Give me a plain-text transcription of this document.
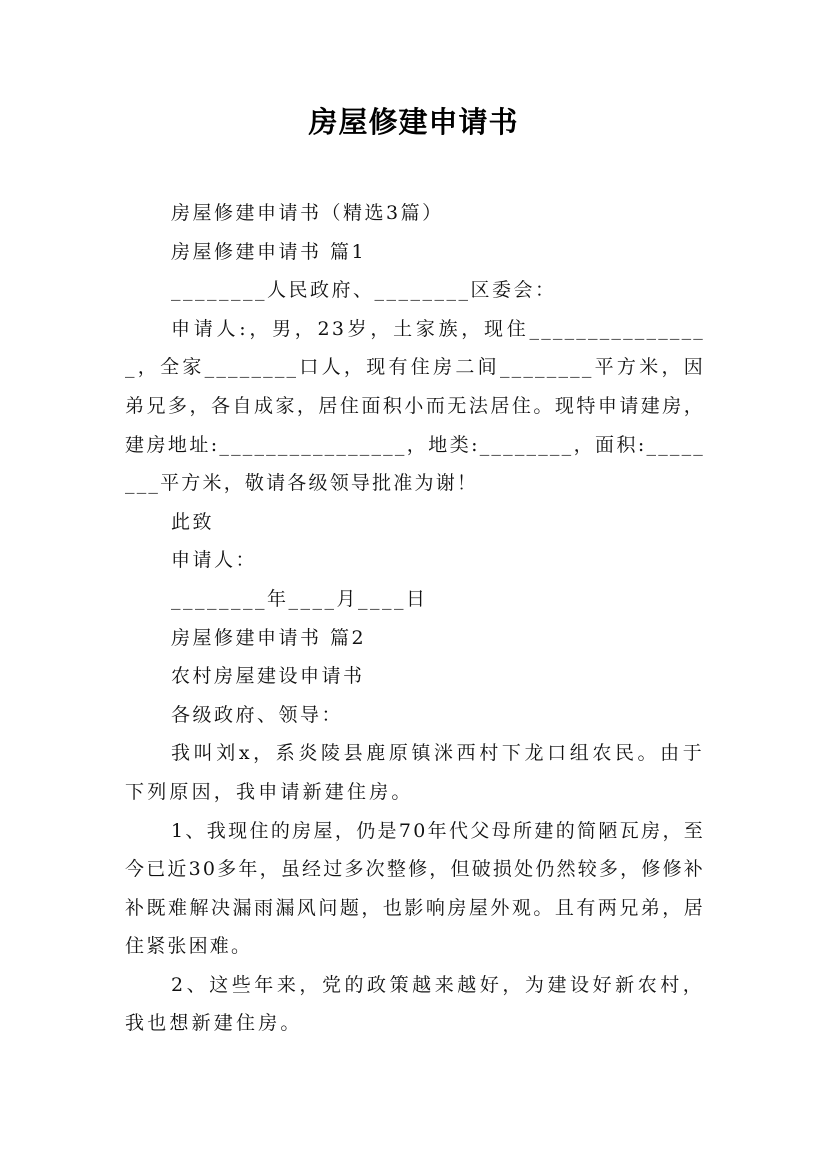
房屋修建申请书

房屋修建申请书（精选3篇）

房屋修建申请书 篇1

________人民政府、________区委会：

申请人:，男，23岁，土家族，现住________________，全家________口人，现有住房二间________平方米，因弟兄多，各自成家，居住面积小而无法居住。现特申请建房，建房地址:________________，地类:________，面积:________平方米，敬请各级领导批准为谢！

此致

申请人：

________年____月____日

房屋修建申请书 篇2

农村房屋建设申请书

各级政府、领导：

我叫刘x，系炎陵县鹿原镇洣西村下龙口组农民。由于下列原因，我申请新建住房。

1、我现住的房屋，仍是70年代父母所建的简陋瓦房，至今已近30多年，虽经过多次整修，但破损处仍然较多，修修补补既难解决漏雨漏风问题，也影响房屋外观。且有两兄弟，居住紧张困难。

2、这些年来，党的政策越来越好，为建设好新农村，我也想新建住房。
